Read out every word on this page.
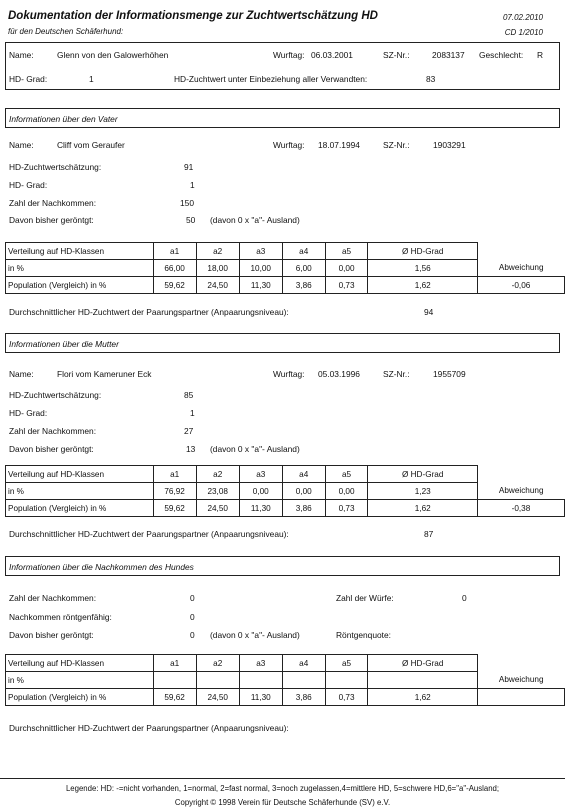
Dokumentation der Informationsmenge zur Zuchtwertschätzung HD
für den Deutschen Schäferhund:
07.02.2010
CD 1/2010
Name:	Glenn von den Galowerhöhen	Wurftag: 06.03.2001	SZ-Nr.:	2083137 Geschlecht: R
HD- Grad:	1	HD-Zuchtwert unter Einbeziehung aller Verwandten:	83
Informationen über den Vater
Name:	Cliff vom Geraufer	Wurftag: 18.07.1994	SZ-Nr.:	1903291
HD-Zuchtwertschätzung:	91
HD- Grad:	1
Zahl der Nachkommen:	150
Davon bisher geröntgt:	50 (davon 0 x "a"- Ausland)
Verteilung auf HD-Klassen	a1	a2	a3	a4	a5	Ø HD-Grad	
in %	66,00	18,00	10,00	6,00	0,00	1,56	Abweichung
Population (Vergleich) in %	59,62	24,50	11,30	3,86	0,73	1,62	-0,06
Durchschnittlicher HD-Zuchtwert der Paarungspartner (Anpaarungsniveau):	94
Informationen über die Mutter
Name:	Flori vom Kameruner Eck	Wurftag: 05.03.1996	SZ-Nr.:	1955709
HD-Zuchtwertschätzung:	85
HD- Grad:	1
Zahl der Nachkommen:	27
Davon bisher geröntgt:	13 (davon 0 x "a"- Ausland)
Verteilung auf HD-Klassen	a1	a2	a3	a4	a5	Ø HD-Grad	
in %	76,92	23,08	0,00	0,00	0,00	1,23	Abweichung
Population (Vergleich) in %	59,62	24,50	11,30	3,86	0,73	1,62	-0,38
Durchschnittlicher HD-Zuchtwert der Paarungspartner (Anpaarungsniveau):	87
Informationen über die Nachkommen des Hundes
Zahl der Nachkommen:	0	Zahl der Würfe:	0
Nachkommen röntgenfähig:	0
Davon bisher geröntgt:	0 (davon 0 x "a"- Ausland)	Röntgenquote:
Verteilung auf HD-Klassen	a1	a2	a3	a4	a5	Ø HD-Grad	
in %							Abweichung
Population (Vergleich) in %	59,62	24,50	11,30	3,86	0,73	1,62	
Durchschnittlicher HD-Zuchtwert der Paarungspartner (Anpaarungsniveau):
Legende: HD: -=nicht vorhanden, 1=normal, 2=fast normal, 3=noch zugelassen,4=mittlere HD, 5=schwere HD,6="a"-Ausland;
Copyright © 1998 Verein für Deutsche Schäferhunde (SV) e.V.
